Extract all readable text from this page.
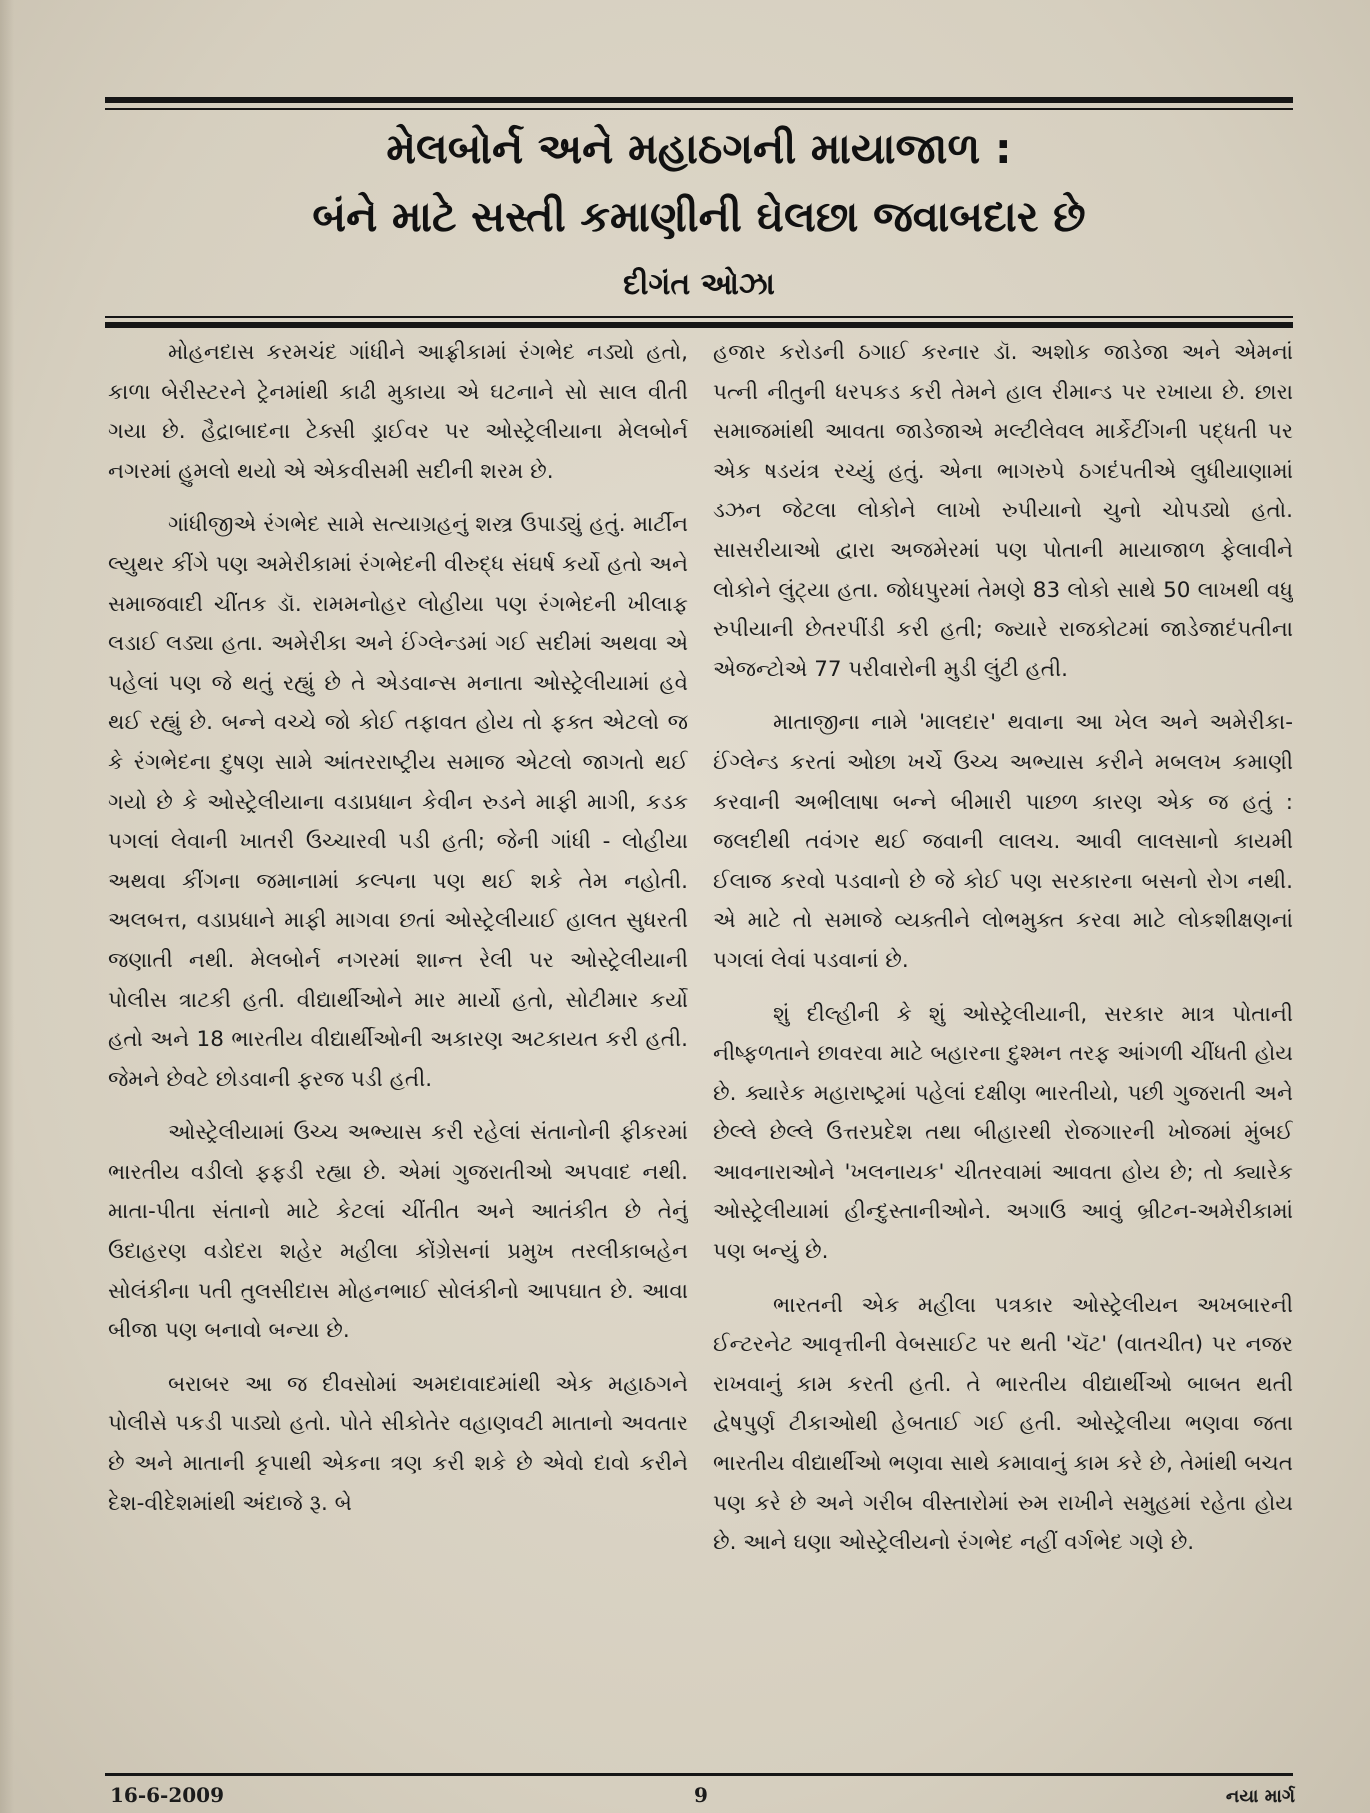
મેલબોર્ન અને મહાઠગની માયાજાળ :
બંને માટે સસ્તી કમાણીની ઘેલછા જવાબદાર છે
દીગંત ઓઝા

મોહનદાસ કરમચંદ ગાંધીને આફ્રીકામાં રંગભેદ નડ્યો હતો, કાળા બેરીસ્ટરને ટ્રેનમાંથી કાઢી મુકાયા એ ઘટનાને સો સાલ વીતી ગયા છે. હૈદ્રાબાદના ટેક્સી ડ્રાઈવર પર ઓસ્ટ્રેલીયાના મેલબોર્ન નગરમાં હુમલો થયો એ એકવીસમી સદીની શરમ છે.

ગાંધીજીએ રંગભેદ સામે સત્યાગ્રહનું શસ્ત્ર ઉપાડ્યું હતું. માર્ટીન લ્યુથર કીંગે પણ અમેરીકામાં રંગભેદની વીરુદ્ધ સંઘર્ષ કર્યો હતો અને સમાજવાદી ચીંતક ડૉ. રામમનોહર લોહીયા પણ રંગભેદની ખીલાફ લડાઈ લડ્યા હતા. અમેરીકા અને ઈંગ્લેન્ડમાં ગઈ સદીમાં અથવા એ પહેલાં પણ જે થતું રહ્યું છે તે એડવાન્સ મનાતા ઓસ્ટ્રેલીયામાં હવે થઈ રહ્યું છે. બન્ને વચ્ચે જો કોઈ તફાવત હોય તો ફક્ત એટલો જ કે રંગભેદના દુષણ સામે આંતરરાષ્ટ્રીય સમાજ એટલો જાગતો થઈ ગયો છે કે ઓસ્ટ્રેલીયાના વડાપ્રધાન કેવીન રુડને માફી માગી, કડક પગલાં લેવાની ખાતરી ઉચ્ચારવી પડી હતી; જેની ગાંધી - લોહીયા અથવા કીંગના જમાનામાં કલ્પના પણ થઈ શકે તેમ નહોતી. અલબત્ત, વડાપ્રધાને માફી માગવા છતાં ઓસ્ટ્રેલીયાઈ હાલત સુધરતી જણાતી નથી. મેલબોર્ન નગરમાં શાન્ત રેલી પર ઓસ્ટ્રેલીયાની પોલીસ ત્રાટકી હતી. વીદ્યાર્થીઓને માર માર્યો હતો, સોટીમાર કર્યો હતો અને 18 ભારતીય વીદ્યાર્થીઓની અકારણ અટકાયત કરી હતી. જેમને છેવટે છોડવાની ફરજ પડી હતી.

ઓસ્ટ્રેલીયામાં ઉચ્ચ અભ્યાસ કરી રહેલાં સંતાનોની ફીકરમાં ભારતીય વડીલો ફફડી રહ્યા છે. એમાં ગુજરાતીઓ અપવાદ નથી. માતા-પીતા સંતાનો માટે કેટલાં ચીંતીત અને આતંકીત છે તેનું ઉદાહરણ વડોદરા શહેર મહીલા કોંગ્રેસનાં પ્રમુખ તરલીકાબહેન સોલંકીના પતી તુલસીદાસ મોહનભાઈ સોલંકીનો આપઘાત છે. આવા બીજા પણ બનાવો બન્યા છે.

બરાબર આ જ દીવસોમાં અમદાવાદમાંથી એક મહાઠગને પોલીસે પકડી પાડ્યો હતો. પોતે સીકોતેર વહાણવટી માતાનો અવતાર છે અને માતાની કૃપાથી એકના ત્રણ કરી શકે છે એવો દાવો કરીને દેશ-વીદેશમાંથી અંદાજે રૂ. બે

હજાર કરોડની ઠગાઈ કરનાર ડૉ. અશોક જાડેજા અને એમનાં પત્ની નીતુની ધરપકડ કરી તેમને હાલ રીમાન્ડ પર રખાયા છે. છારા સમાજમાંથી આવતા જાડેજાએ મલ્ટીલેવલ માર્કેટીંગની પદ્ધતી પર એક ષડયંત્ર રચ્યું હતું. એના ભાગરુપે ઠગદંપતીએ લુધીયાણામાં ડઝન જેટલા લોકોને લાખો રુપીયાનો ચુનો ચોપડ્યો હતો. સાસરીયાઓ દ્વારા અજમેરમાં પણ પોતાની માયાજાળ ફેલાવીને લોકોને લુંટ્યા હતા. જોધપુરમાં તેમણે 83 લોકો સાથે 50 લાખથી વધુ રુપીયાની છેતરપીંડી કરી હતી; જ્યારે રાજકોટમાં જાડેજાદંપતીના એજન્ટોએ 77 પરીવારોની મુડી લુંટી હતી.

માતાજીના નામે 'માલદાર' થવાના આ ખેલ અને અમેરીકા-ઈંગ્લેન્ડ કરતાં ઓછા ખર્ચે ઉચ્ચ અભ્યાસ કરીને મબલખ કમાણી કરવાની અભીલાષા બન્ને બીમારી પાછળ કારણ એક જ હતું : જલદીથી તવંગર થઈ જવાની લાલચ. આવી લાલસાનો કાયમી ઈલાજ કરવો પડવાનો છે જે કોઈ પણ સરકારના બસનો રોગ નથી. એ માટે તો સમાજે વ્યક્તીને લોભમુક્ત કરવા માટે લોકશીક્ષણનાં પગલાં લેવાં પડવાનાં છે.

શું દીલ્હીની કે શું ઓસ્ટ્રેલીયાની, સરકાર માત્ર પોતાની નીષ્ફળતાને છાવરવા માટે બહારના દુશ્મન તરફ આંગળી ચીંધતી હોય છે. ક્યારેક મહારાષ્ટ્રમાં પહેલાં દક્ષીણ ભારતીયો, પછી ગુજરાતી અને છેલ્લે છેલ્લે ઉત્તરપ્રદેશ તથા બીહારથી રોજગારની ખોજમાં મુંબઈ આવનારાઓને 'ખલનાયક' ચીતરવામાં આવતા હોય છે; તો ક્યારેક ઓસ્ટ્રેલીયામાં હીન્દુસ્તાનીઓને. અગાઉ આવું બ્રીટન-અમેરીકામાં પણ બન્યું છે.

ભારતની એક મહીલા પત્રકાર ઓસ્ટ્રેલીયન અખબારની ઈન્ટરનેટ આવૃત્તીની વેબસાઈટ પર થતી 'ચૅટ' (વાતચીત) પર નજર રાખવાનું કામ કરતી હતી. તે ભારતીય વીદ્યાર્થીઓ બાબત થતી દ્વેષપુર્ણ ટીકાઓથી હેબતાઈ ગઈ હતી. ઓસ્ટ્રેલીયા ભણવા જતા ભારતીય વીદ્યાર્થીઓ ભણવા સાથે કમાવાનું કામ કરે છે, તેમાંથી બચત પણ કરે છે અને ગરીબ વીસ્તારોમાં રુમ રાખીને સમુહમાં રહેતા હોય છે. આને ઘણા ઓસ્ટ્રેલીયનો રંગભેદ નહીં વર્ગભેદ ગણે છે.

16-6-2009	9	નયા માર્ગ
